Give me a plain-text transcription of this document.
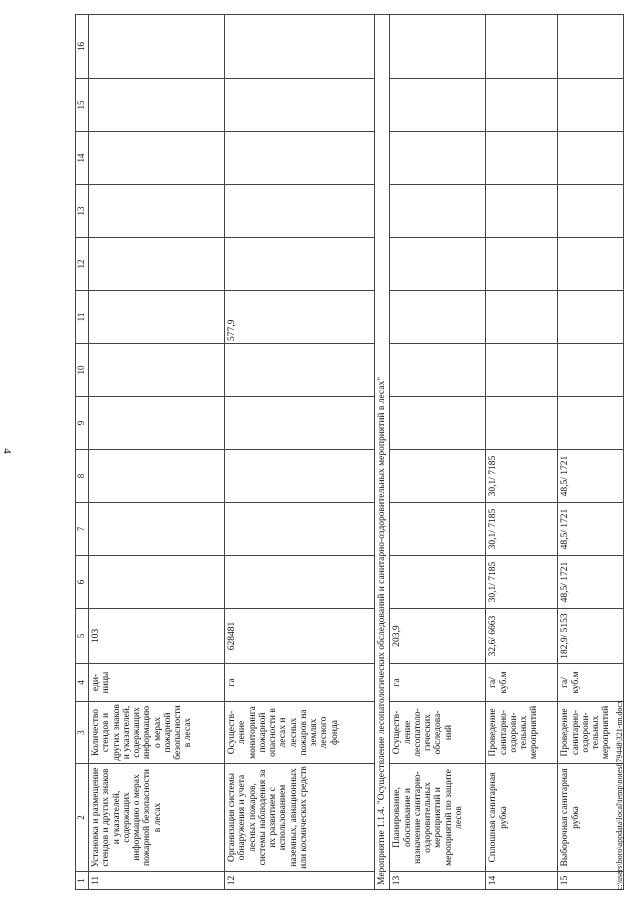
4
1	2	3	4	5	6	7	8	9	10	11	12	13	14	15	16
11	Установка и размещение стендов и других знаков и указателей, содержащих информацию о мерах пожарной безопасности в лесах	Количество стендов и других знаков и указателей, содержащих информацию о мерах пожарной безопасности в лесах	еди-ницы	103											
12	Организация системы обнаружения и учета лесных пожаров, системы наблюдения за их развитием с использованием наземных, авиационных или космических средств	Осуществ-ление мониторинга пожарной опасности в лесах и лесных пожаров на землях лесного фонда	га	628481						577,9					
Мероприятие 1.1.4. "Осуществление лесопатологических обследований и санитарно-оздоровительных мероприятий в лесах"															
13	Планирование, обоснование и назначение санитарно-оздоровительных мероприятий и мероприятий по защите лесов	Осуществ-ление лесопатоло-гических обследова-ний	га	203,9											
14	Сплошная санитарная рубка	Проведение санитарно-оздорови-тельных мероприятий	га/куб.м	32,6/ 6663	30,1/ 7185	30,1/ 7185	30,1/ 7185								
15	Выборочная санитарная рубка	Проведение санитарно-оздорови-тельных мероприятий	га/куб.м	182,9/ 5153	48,5/ 1721	48,5/ 1721	48,5/ 1721								
c:\users\boro\appdata\local\temp\notes879448\321-nn.docx
